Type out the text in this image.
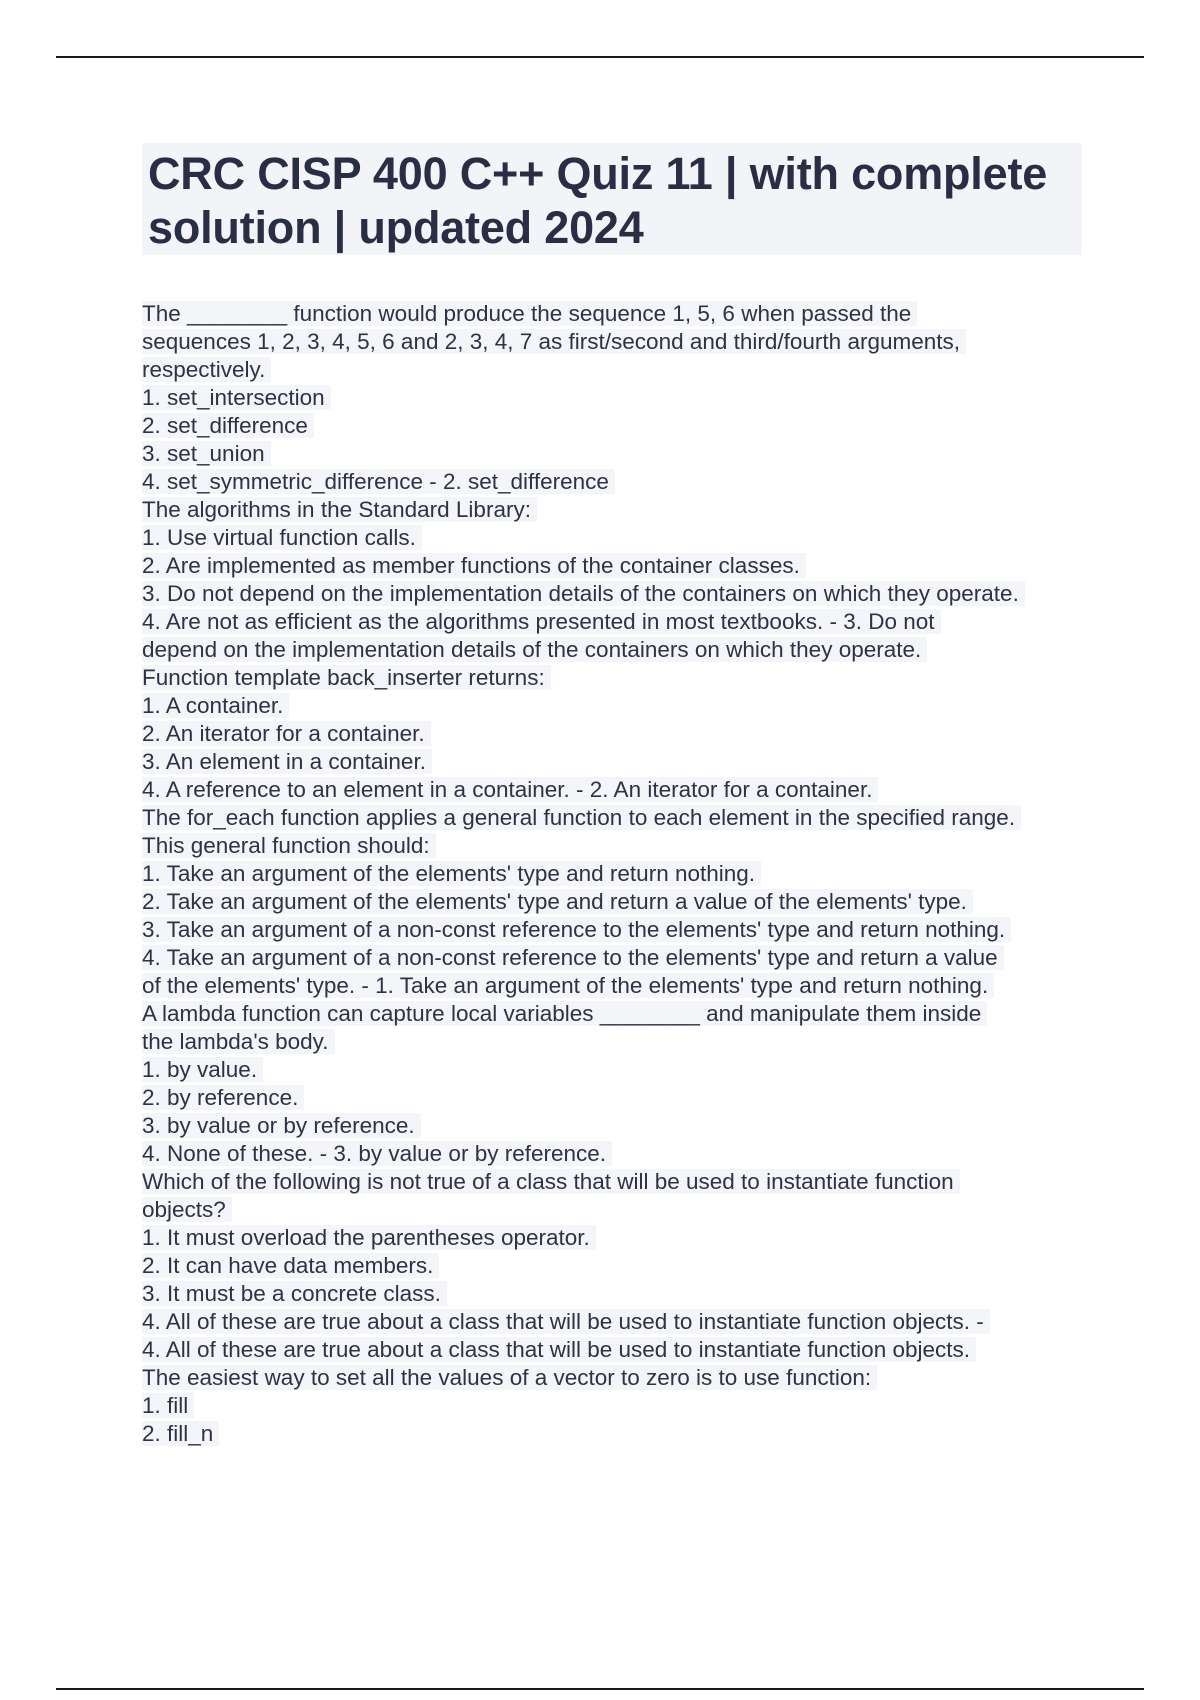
CRC CISP 400 C++ Quiz 11 | with complete solution | updated 2024
The ________ function would produce the sequence 1, 5, 6 when passed the
sequences 1, 2, 3, 4, 5, 6 and 2, 3, 4, 7 as first/second and third/fourth arguments,
respectively.
1. set_intersection
2. set_difference
3. set_union
4. set_symmetric_difference - 2. set_difference
The algorithms in the Standard Library:
1. Use virtual function calls.
2. Are implemented as member functions of the container classes.
3. Do not depend on the implementation details of the containers on which they operate.
4. Are not as efficient as the algorithms presented in most textbooks. - 3. Do not
depend on the implementation details of the containers on which they operate.
Function template back_inserter returns:
1. A container.
2. An iterator for a container.
3. An element in a container.
4. A reference to an element in a container. - 2. An iterator for a container.
The for_each function applies a general function to each element in the specified range.
This general function should:
1. Take an argument of the elements' type and return nothing.
2. Take an argument of the elements' type and return a value of the elements' type.
3. Take an argument of a non-const reference to the elements' type and return nothing.
4. Take an argument of a non-const reference to the elements' type and return a value
of the elements' type. - 1. Take an argument of the elements' type and return nothing.
A lambda function can capture local variables ________ and manipulate them inside
the lambda's body.
1. by value.
2. by reference.
3. by value or by reference.
4. None of these. - 3. by value or by reference.
Which of the following is not true of a class that will be used to instantiate function
objects?
1. It must overload the parentheses operator.
2. It can have data members.
3. It must be a concrete class.
4. All of these are true about a class that will be used to instantiate function objects. -
4. All of these are true about a class that will be used to instantiate function objects.
The easiest way to set all the values of a vector to zero is to use function:
1. fill
2. fill_n
